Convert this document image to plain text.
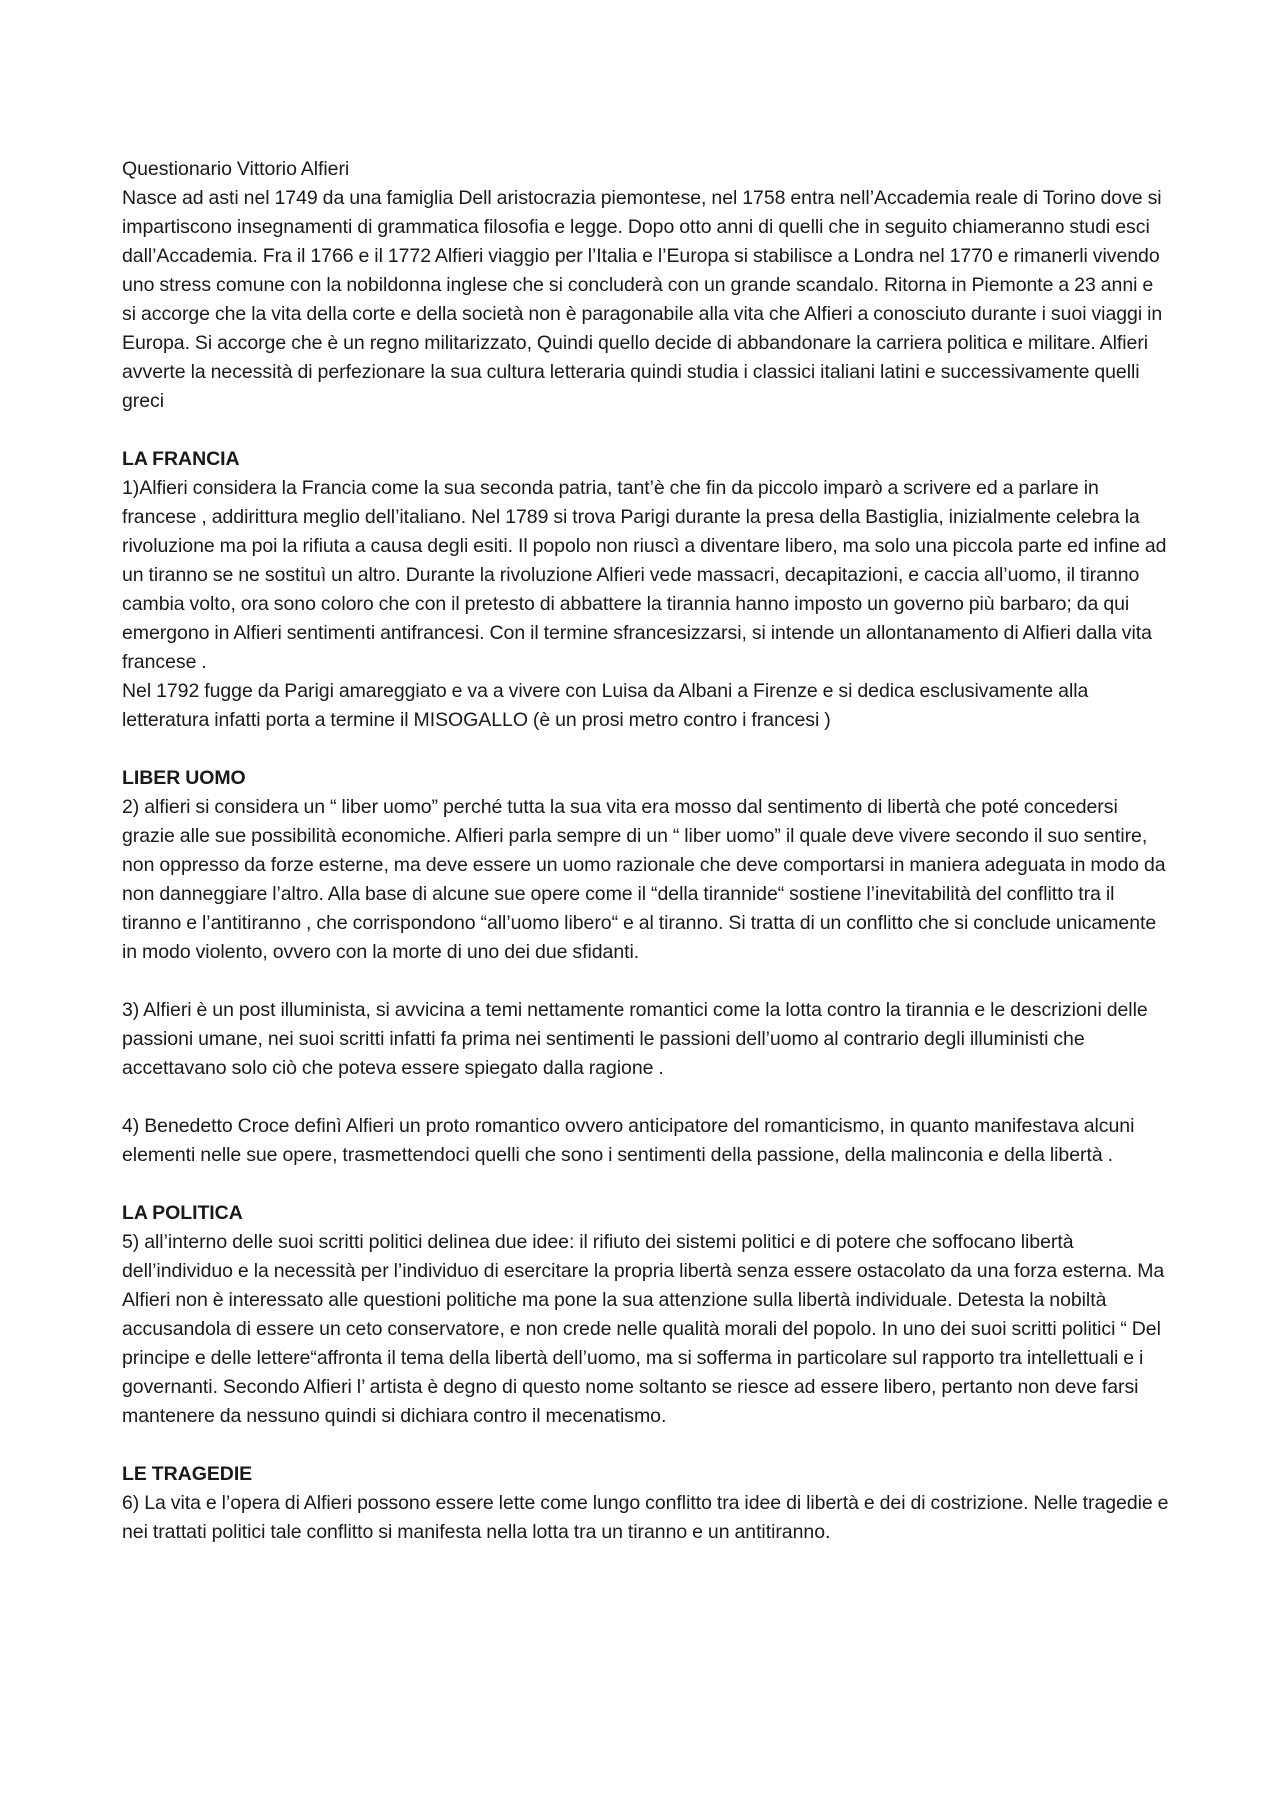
Questionario Vittorio Alfieri

Nasce ad asti nel 1749 da una famiglia Dell aristocrazia piemontese, nel 1758 entra nell’Accademia reale di Torino dove si impartiscono insegnamenti di grammatica filosofia e legge. Dopo otto anni di quelli che in seguito chiameranno studi esci dall’Accademia. Fra il 1766 e il 1772 Alfieri viaggio per l’Italia e l’Europa si stabilisce a Londra nel 1770 e rimanerli vivendo uno stress comune con la nobildonna inglese che si concluderà con un grande scandalo. Ritorna in Piemonte a 23 anni e si accorge che la vita della corte e della società non è paragonabile alla vita che Alfieri a conosciuto durante i suoi viaggi in Europa. Si accorge che è un regno militarizzato, Quindi quello decide di abbandonare la carriera politica e militare. Alfieri avverte la necessità di perfezionare la sua cultura letteraria quindi studia i classici italiani latini e successivamente quelli greci

LA FRANCIA

1)Alfieri considera la Francia come la sua seconda patria, tant’è che fin da piccolo imparò a scrivere ed a parlare in francese , addirittura meglio dell’italiano. Nel 1789 si trova Parigi durante la presa della Bastiglia, inizialmente celebra la rivoluzione ma poi la rifiuta a causa degli esiti. Il popolo non riuscì a diventare libero, ma solo una piccola parte ed infine ad un tiranno se ne sostituì un altro. Durante la rivoluzione Alfieri vede massacri, decapitazioni, e caccia all’uomo, il tiranno cambia volto, ora sono coloro che con il pretesto di abbattere la tirannia hanno imposto un governo più barbaro; da qui emergono in Alfieri sentimenti antifrancesi. Con il termine sfrancesizzarsi, si intende un allontanamento di Alfieri dalla vita francese .

Nel 1792 fugge da Parigi amareggiato e va a vivere con Luisa da Albani a Firenze e si dedica esclusivamente alla letteratura infatti porta a termine il MISOGALLO (è un prosi metro contro i francesi )

LIBER UOMO

2) alfieri si considera un “ liber uomo” perché tutta la sua vita era mosso dal sentimento di libertà che poté concedersi grazie alle sue possibilità economiche. Alfieri parla sempre di un “ liber uomo” il quale deve vivere secondo il suo sentire, non oppresso da forze esterne, ma deve essere un uomo razionale che deve comportarsi in maniera adeguata in modo da non danneggiare l’altro. Alla base di alcune sue opere come il “della tirannide“ sostiene l’inevitabilità del conflitto tra il tiranno e l’antitiranno , che corrispondono “all’uomo libero“ e al tiranno. Si tratta di un conflitto che si conclude unicamente in modo violento, ovvero con la morte di uno dei due sfidanti.

3) Alfieri è un post illuminista, si avvicina a temi nettamente romantici come la lotta contro la tirannia e le descrizioni delle passioni umane, nei suoi scritti infatti fa prima nei sentimenti le passioni dell’uomo al contrario degli illuministi che accettavano solo ciò che poteva essere spiegato dalla ragione .

4) Benedetto Croce definì Alfieri un proto romantico ovvero anticipatore del romanticismo, in quanto manifestava alcuni elementi nelle sue opere, trasmettendoci quelli che sono i sentimenti della passione, della malinconia e della libertà .

LA POLITICA

5) all’interno delle suoi scritti politici delinea due idee: il rifiuto dei sistemi politici e di potere che soffocano libertà dell’individuo e la necessità per l’individuo di esercitare la propria libertà senza essere ostacolato da una forza esterna. Ma Alfieri non è interessato alle questioni politiche ma pone la sua attenzione sulla libertà individuale. Detesta la nobiltà accusandola di essere un ceto conservatore, e non crede nelle qualità morali del popolo. In uno dei suoi scritti politici “ Del principe e delle lettere“affronta il tema della libertà dell’uomo, ma si sofferma in particolare sul rapporto tra intellettuali e i governanti. Secondo Alfieri l’ artista è degno di questo nome soltanto se riesce ad essere libero, pertanto non deve farsi mantenere da nessuno quindi si dichiara contro il mecenatismo.

LE TRAGEDIE

6) La vita e l’opera di Alfieri possono essere lette come lungo conflitto tra idee di libertà e dei di costrizione. Nelle tragedie e nei trattati politici tale conflitto si manifesta nella lotta tra un tiranno e un antitiranno.
